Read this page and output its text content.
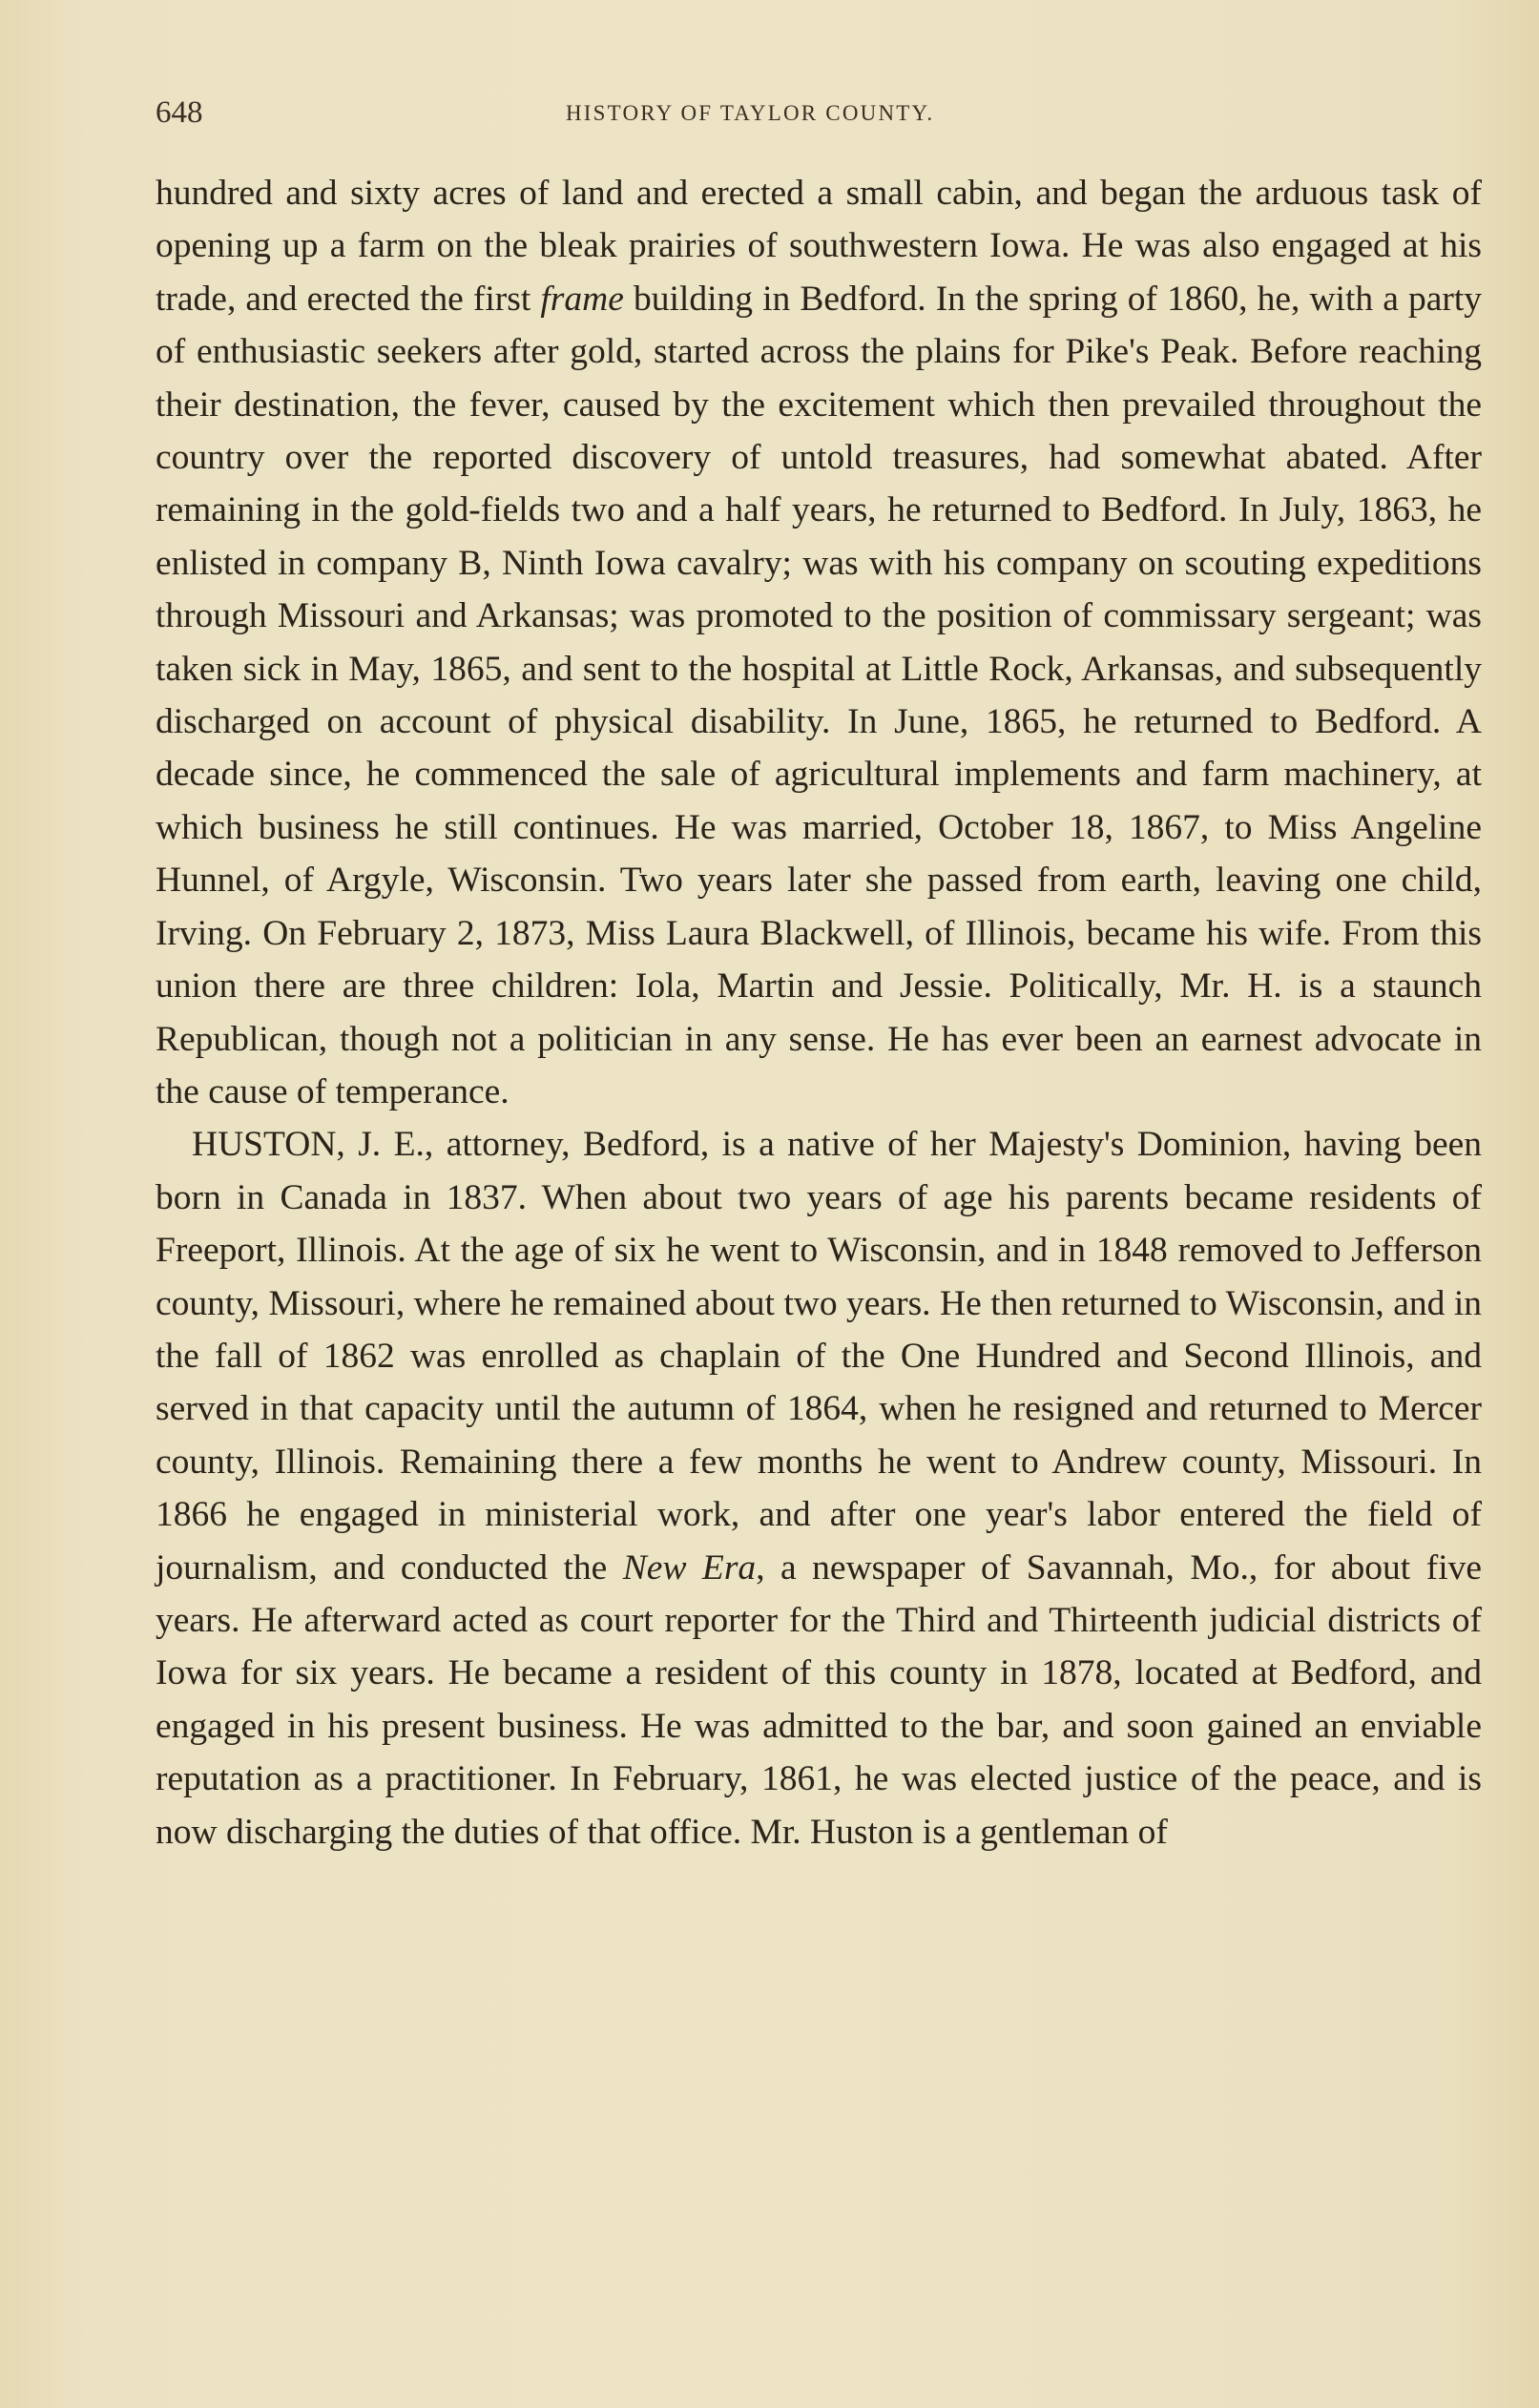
648	HISTORY OF TAYLOR COUNTY.

hundred and sixty acres of land and erected a small cabin, and began the arduous task of opening up a farm on the bleak prairies of southwestern Iowa. He was also engaged at his trade, and erected the first frame building in Bedford. In the spring of 1860, he, with a party of enthusiastic seekers after gold, started across the plains for Pike's Peak. Before reaching their destination, the fever, caused by the excitement which then prevailed throughout the country over the reported discovery of untold treasures, had somewhat abated. After remaining in the gold-fields two and a half years, he returned to Bedford. In July, 1863, he enlisted in company B, Ninth Iowa cavalry; was with his company on scouting expeditions through Missouri and Arkansas; was promoted to the position of commissary sergeant; was taken sick in May, 1865, and sent to the hospital at Little Rock, Arkansas, and subsequently discharged on account of physical disability. In June, 1865, he returned to Bedford. A decade since, he commenced the sale of agricultural implements and farm machinery, at which business he still continues. He was married, October 18, 1867, to Miss Angeline Hunnel, of Argyle, Wisconsin. Two years later she passed from earth, leaving one child, Irving. On February 2, 1873, Miss Laura Blackwell, of Illinois, became his wife. From this union there are three children: Iola, Martin and Jessie. Politically, Mr. H. is a staunch Republican, though not a politician in any sense. He has ever been an earnest advocate in the cause of temperance.

HUSTON, J. E., attorney, Bedford, is a native of her Majesty's Dominion, having been born in Canada in 1837. When about two years of age his parents became residents of Freeport, Illinois. At the age of six he went to Wisconsin, and in 1848 removed to Jefferson county, Missouri, where he remained about two years. He then returned to Wisconsin, and in the fall of 1862 was enrolled as chaplain of the One Hundred and Second Illinois, and served in that capacity until the autumn of 1864, when he resigned and returned to Mercer county, Illinois. Remaining there a few months he went to Andrew county, Missouri. In 1866 he engaged in ministerial work, and after one year's labor entered the field of journalism, and conducted the New Era, a newspaper of Savannah, Mo., for about five years. He afterward acted as court reporter for the Third and Thirteenth judicial districts of Iowa for six years. He became a resident of this county in 1878, located at Bedford, and engaged in his present business. He was admitted to the bar, and soon gained an enviable reputation as a practitioner. In February, 1861, he was elected justice of the peace, and is now discharging the duties of that office. Mr. Huston is a gentleman of
